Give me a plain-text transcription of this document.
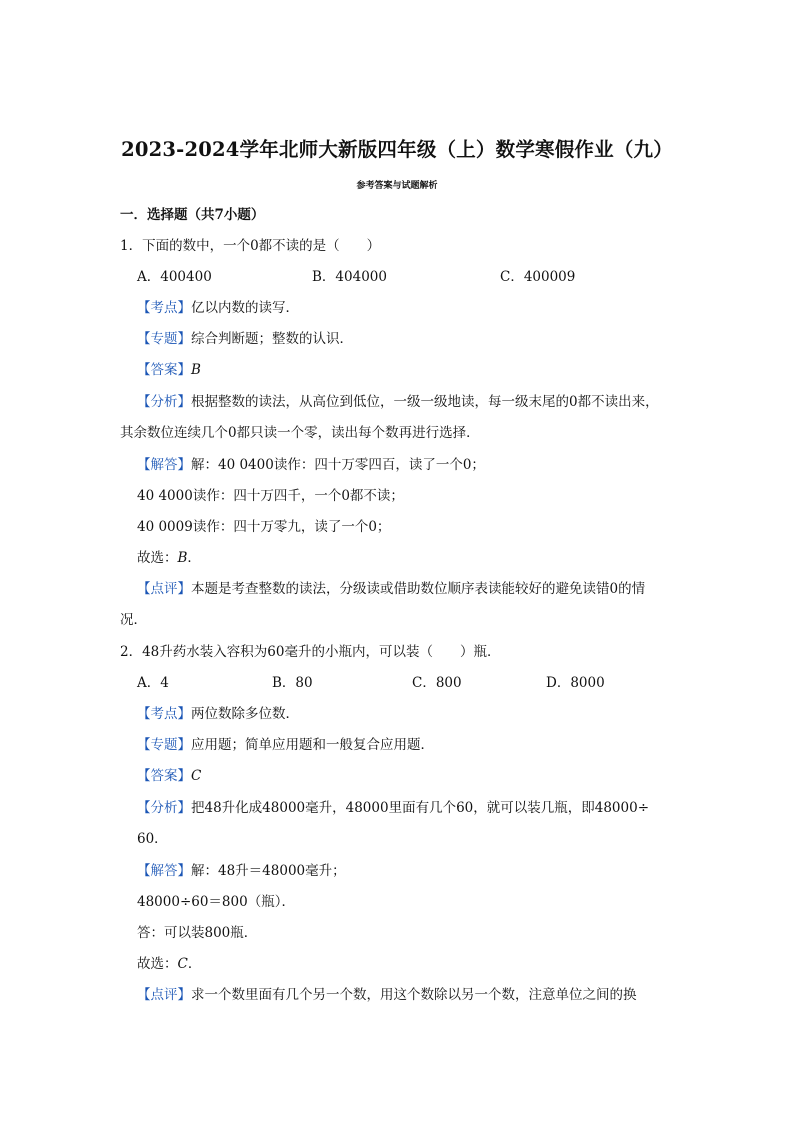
2023-2024学年北师大新版四年级（上）数学寒假作业（九）
参考答案与试题解析
一．选择题（共7小题）
1．下面的数中，一个0都不读的是（　　）
A．400400	B．404000	C．400009
【考点】亿以内数的读写．
【专题】综合判断题；整数的认识．
【答案】B
【分析】根据整数的读法，从高位到低位，一级一级地读，每一级末尾的0都不读出来，
其余数位连续几个0都只读一个零，读出每个数再进行选择．
【解答】解：40 0400读作：四十万零四百，读了一个0；
40 4000读作：四十万四千，一个0都不读；
40 0009读作：四十万零九，读了一个0；
故选：B．
【点评】本题是考查整数的读法，分级读或借助数位顺序表读能较好的避免读错0的情
况．
2．48升药水装入容积为60毫升的小瓶内，可以装（　　）瓶．
A．4	B．80	C．800	D．8000
【考点】两位数除多位数．
【专题】应用题；简单应用题和一般复合应用题．
【答案】C
【分析】把48升化成48000毫升，48000里面有几个60，就可以装几瓶，即48000÷
60．
【解答】解：48升＝48000毫升；
48000÷60＝800（瓶）．
答：可以装800瓶．
故选：C．
【点评】求一个数里面有几个另一个数，用这个数除以另一个数，注意单位之间的换
